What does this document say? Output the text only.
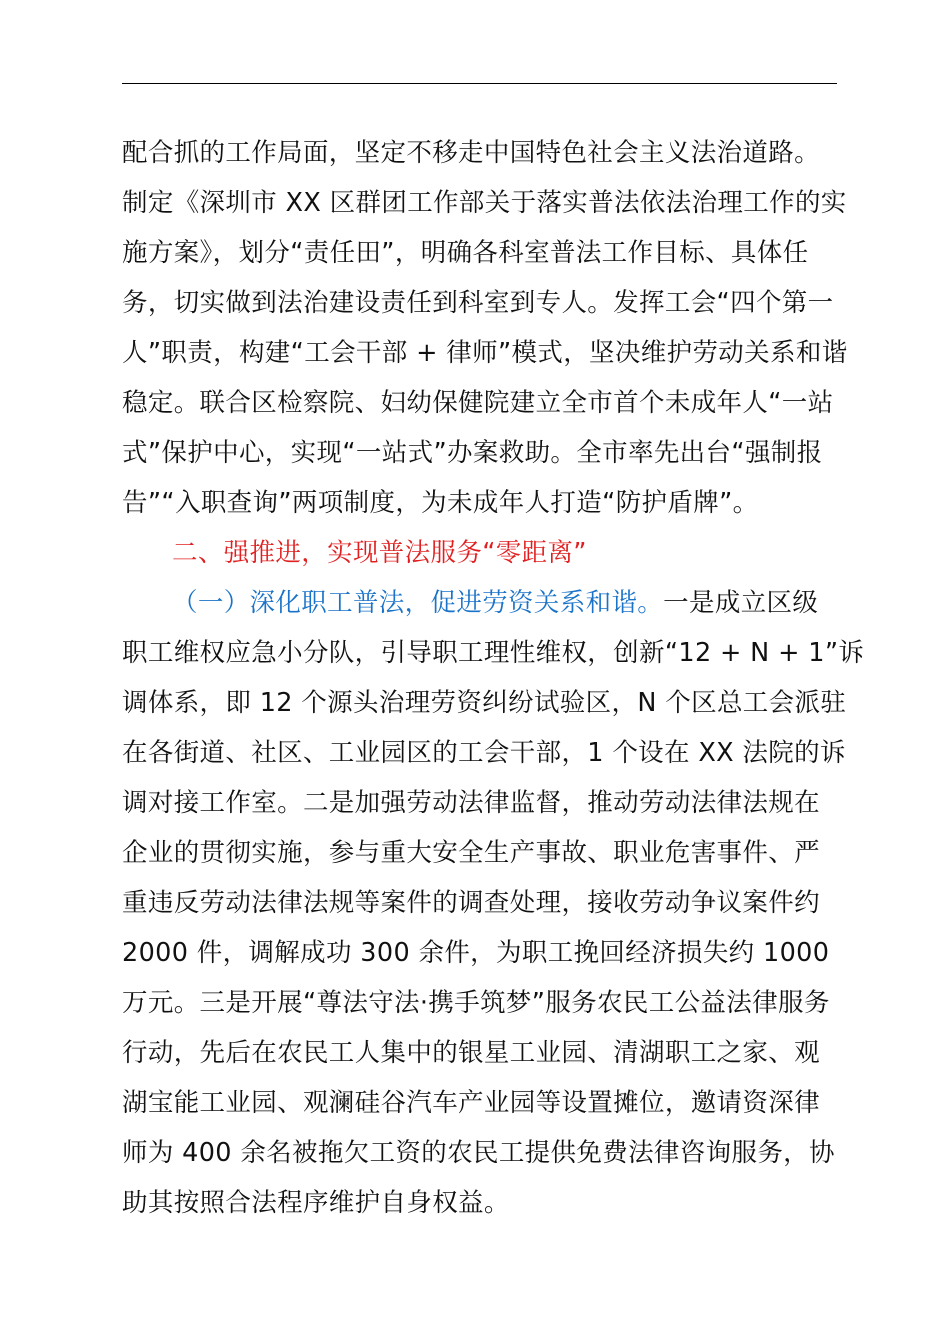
配合抓的工作局面，坚定不移走中国特色社会主义法治道路。
制定《深圳市 XX 区群团工作部关于落实普法依法治理工作的实
施方案》，划分“责任田”，明确各科室普法工作目标、具体任
务，切实做到法治建设责任到科室到专人。发挥工会“四个第一
人”职责，构建“工会干部 + 律师”模式，坚决维护劳动关系和谐
稳定。联合区检察院、妇幼保健院建立全市首个未成年人“一站
式”保护中心，实现“一站式”办案救助。全市率先出台“强制报
告”“入职查询”两项制度，为未成年人打造“防护盾牌”。
二、强推进，实现普法服务“零距离”
（一）深化职工普法，促进劳资关系和谐。一是成立区级
职工维权应急小分队，引导职工理性维权，创新“12 + N + 1”诉
调体系，即 12 个源头治理劳资纠纷试验区，N 个区总工会派驻
在各街道、社区、工业园区的工会干部，1 个设在 XX 法院的诉
调对接工作室。二是加强劳动法律监督，推动劳动法律法规在
企业的贯彻实施，参与重大安全生产事故、职业危害事件、严
重违反劳动法律法规等案件的调查处理，接收劳动争议案件约
2000 件，调解成功 300 余件，为职工挽回经济损失约 1000
万元。三是开展“尊法守法·携手筑梦”服务农民工公益法律服务
行动，先后在农民工人集中的银星工业园、清湖职工之家、观
湖宝能工业园、观澜硅谷汽车产业园等设置摊位，邀请资深律
师为 400 余名被拖欠工资的农民工提供免费法律咨询服务，协
助其按照合法程序维护自身权益。
